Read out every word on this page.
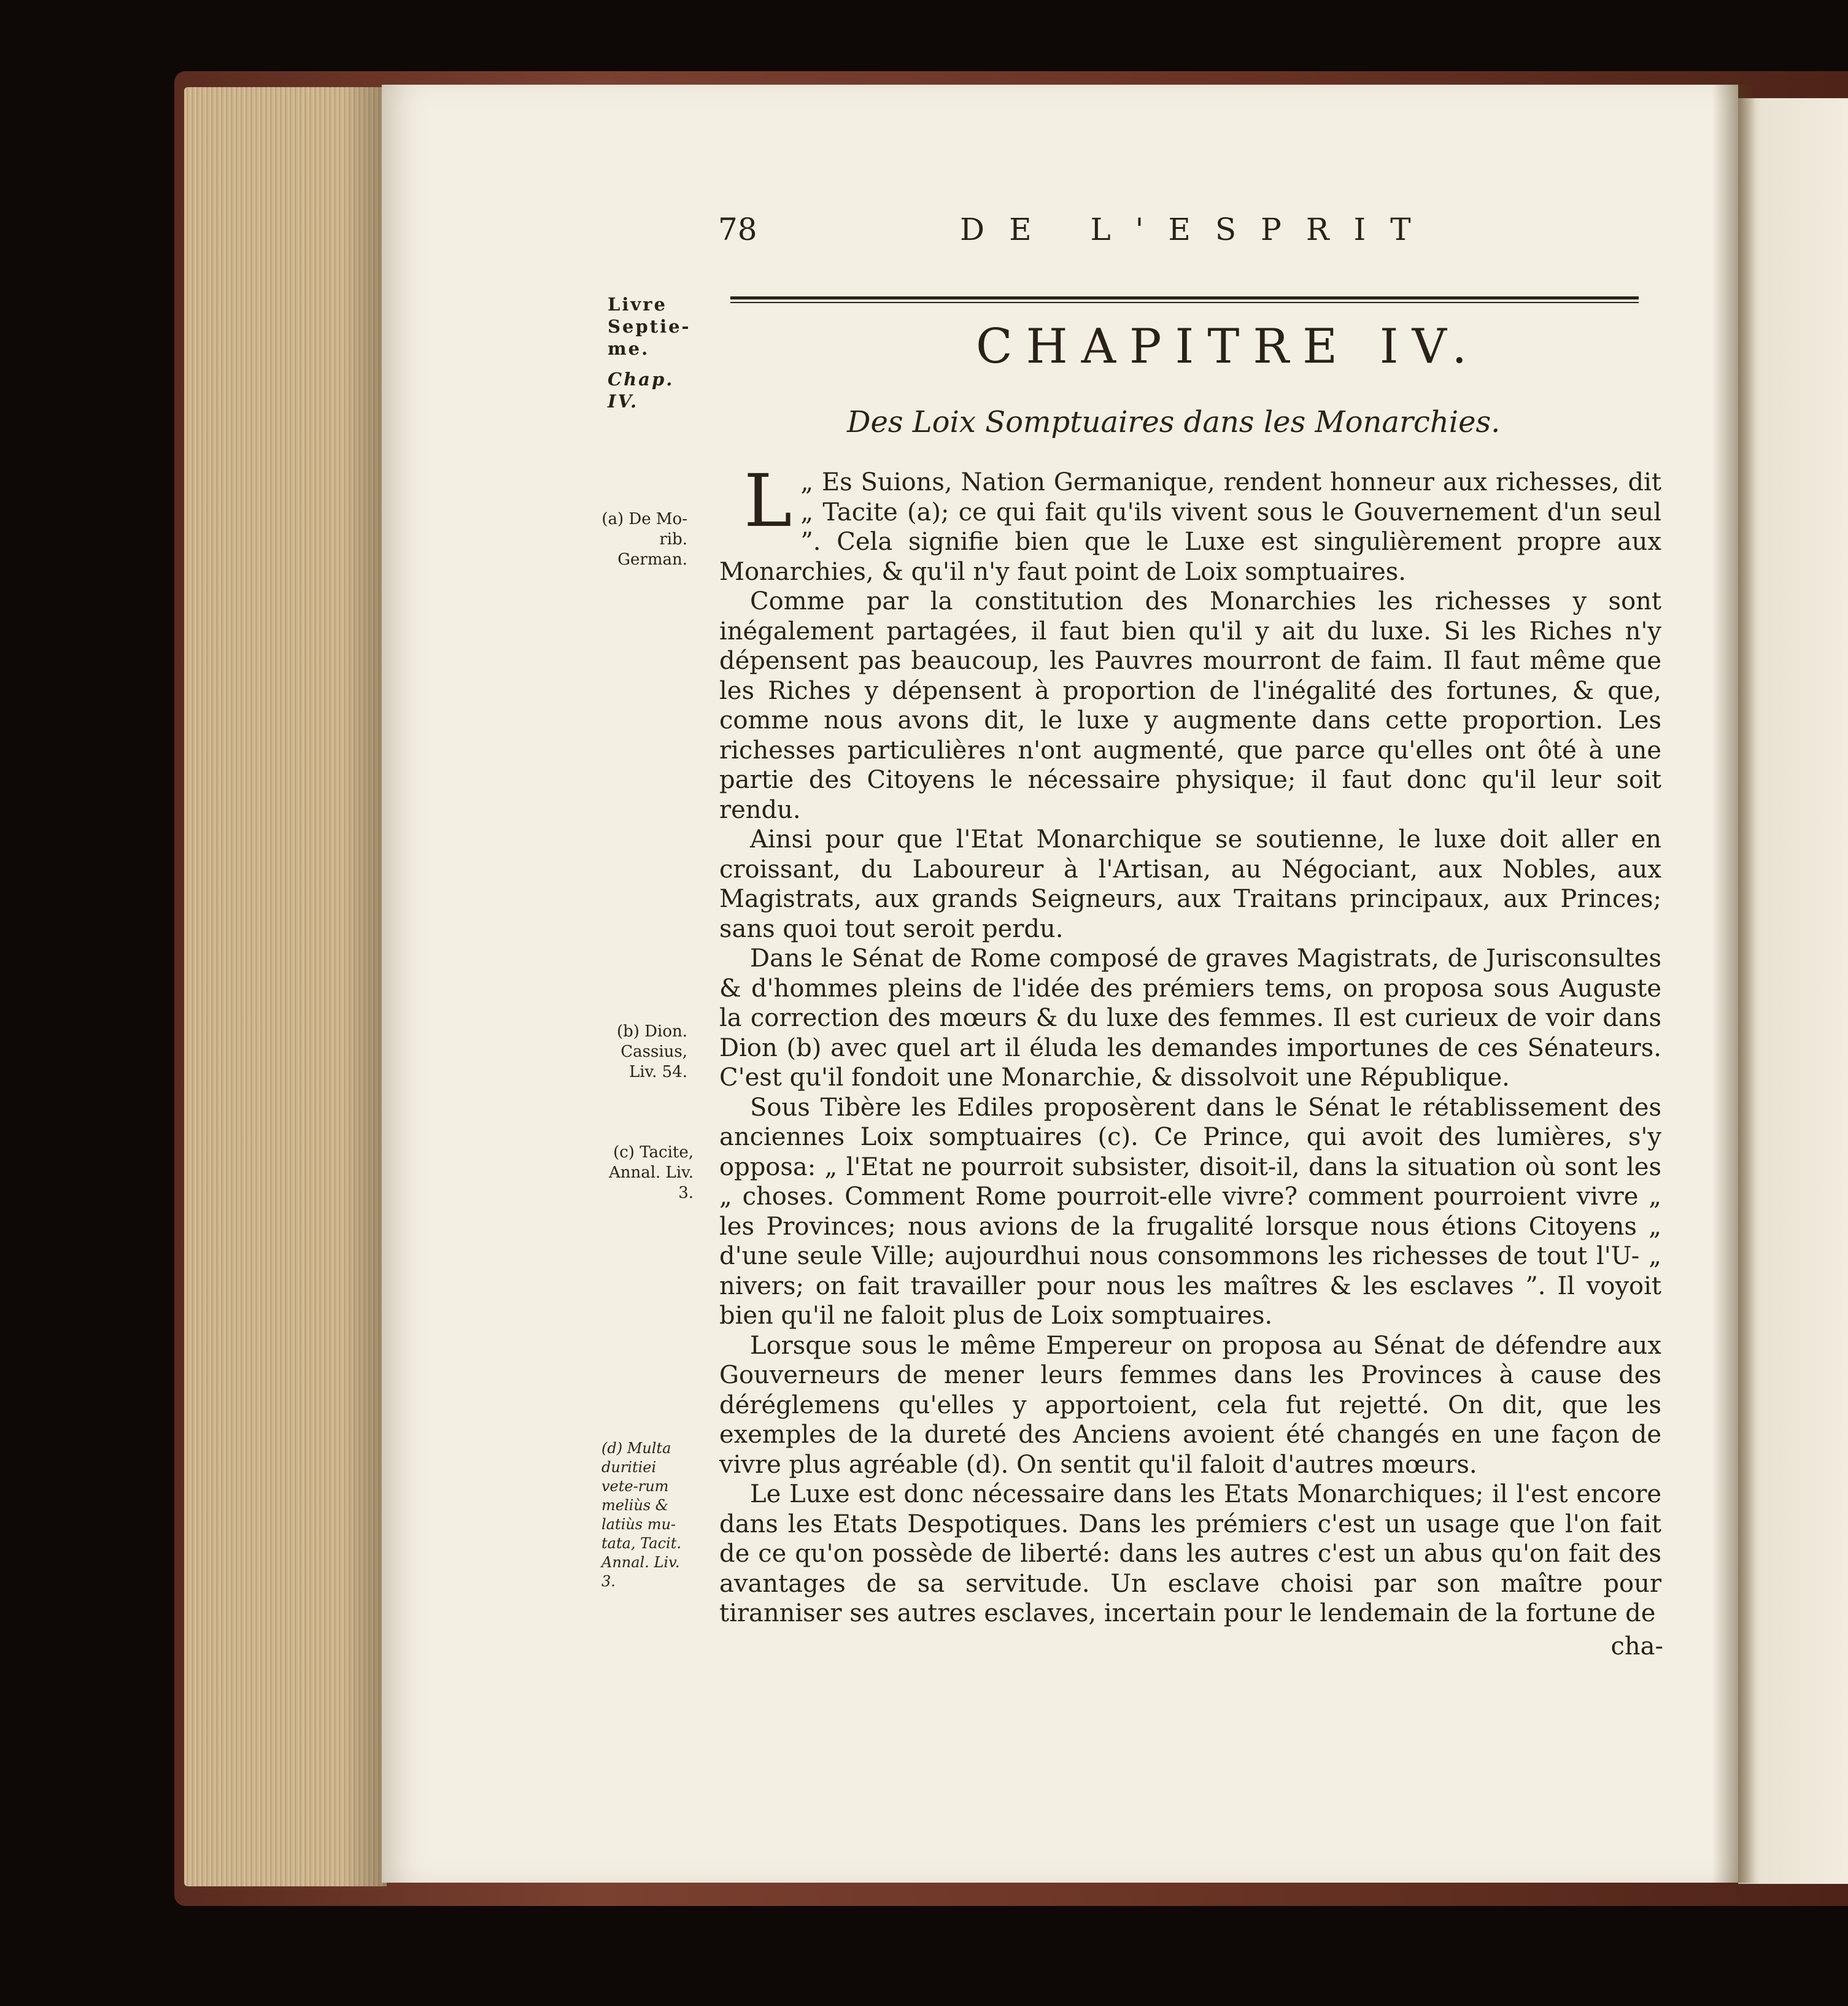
78	DE L'ESPRIT
Livre
Septie-
me.
Chap. IV.
(a) De Mo-rib. German.
(b) Dion. Cassius, Liv. 54.
(c) Tacite, Annal. Liv. 3.
(d) Multa duritiei vete-rum meliùs & latiùs mu-tata, Tacit. Annal. Liv. 3.
CHAPITRE IV.
Des Loix Somptuaires dans les Monarchies.

L „ Es Suions, Nation Germanique, rendent honneur aux richesses, dit „ Tacite (a); ce qui fait qu'ils vivent sous le Gouvernement d'un seul ”. Cela signifie bien que le Luxe est singulièrement propre aux Monarchies, & qu'il n'y faut point de Loix somptuaires.

Comme par la constitution des Monarchies les richesses y sont inégalement partagées, il faut bien qu'il y ait du luxe. Si les Riches n'y dépensent pas beaucoup, les Pauvres mourront de faim. Il faut même que les Riches y dépensent à proportion de l'inégalité des fortunes, & que, comme nous avons dit, le luxe y augmente dans cette proportion. Les richesses particulières n'ont augmenté, que parce qu'elles ont ôté à une partie des Citoyens le nécessaire physique; il faut donc qu'il leur soit rendu.

Ainsi pour que l'Etat Monarchique se soutienne, le luxe doit aller en croissant, du Laboureur à l'Artisan, au Négociant, aux Nobles, aux Magistrats, aux grands Seigneurs, aux Traitans principaux, aux Princes; sans quoi tout seroit perdu.

Dans le Sénat de Rome composé de graves Magistrats, de Jurisconsultes & d'hommes pleins de l'idée des prémiers tems, on proposa sous Auguste la correction des mœurs & du luxe des femmes. Il est curieux de voir dans Dion (b) avec quel art il éluda les demandes importunes de ces Sénateurs. C'est qu'il fondoit une Monarchie, & dissolvoit une République.

Sous Tibère les Ediles proposèrent dans le Sénat le rétablissement des anciennes Loix somptuaires (c). Ce Prince, qui avoit des lumières, s'y opposa: „ l'Etat ne pourroit subsister, disoit-il, dans la situation où sont les „ choses. Comment Rome pourroit-elle vivre? comment pourroient vivre „ les Provinces; nous avions de la frugalité lorsque nous étions Citoyens „ d'une seule Ville; aujourdhui nous consommons les richesses de tout l'U- „ nivers; on fait travailler pour nous les maîtres & les esclaves ”. Il voyoit bien qu'il ne faloit plus de Loix somptuaires.

Lorsque sous le même Empereur on proposa au Sénat de défendre aux Gouverneurs de mener leurs femmes dans les Provinces à cause des déréglemens qu'elles y apportoient, cela fut rejetté. On dit, que les exemples de la dureté des Anciens avoient été changés en une façon de vivre plus agréable (d). On sentit qu'il faloit d'autres mœurs.

Le Luxe est donc nécessaire dans les Etats Monarchiques; il l'est encore dans les Etats Despotiques. Dans les prémiers c'est un usage que l'on fait de ce qu'on possède de liberté: dans les autres c'est un abus qu'on fait des avantages de sa servitude. Un esclave choisi par son maître pour tiranniser ses autres esclaves, incertain pour le lendemain de la fortune de

cha-
